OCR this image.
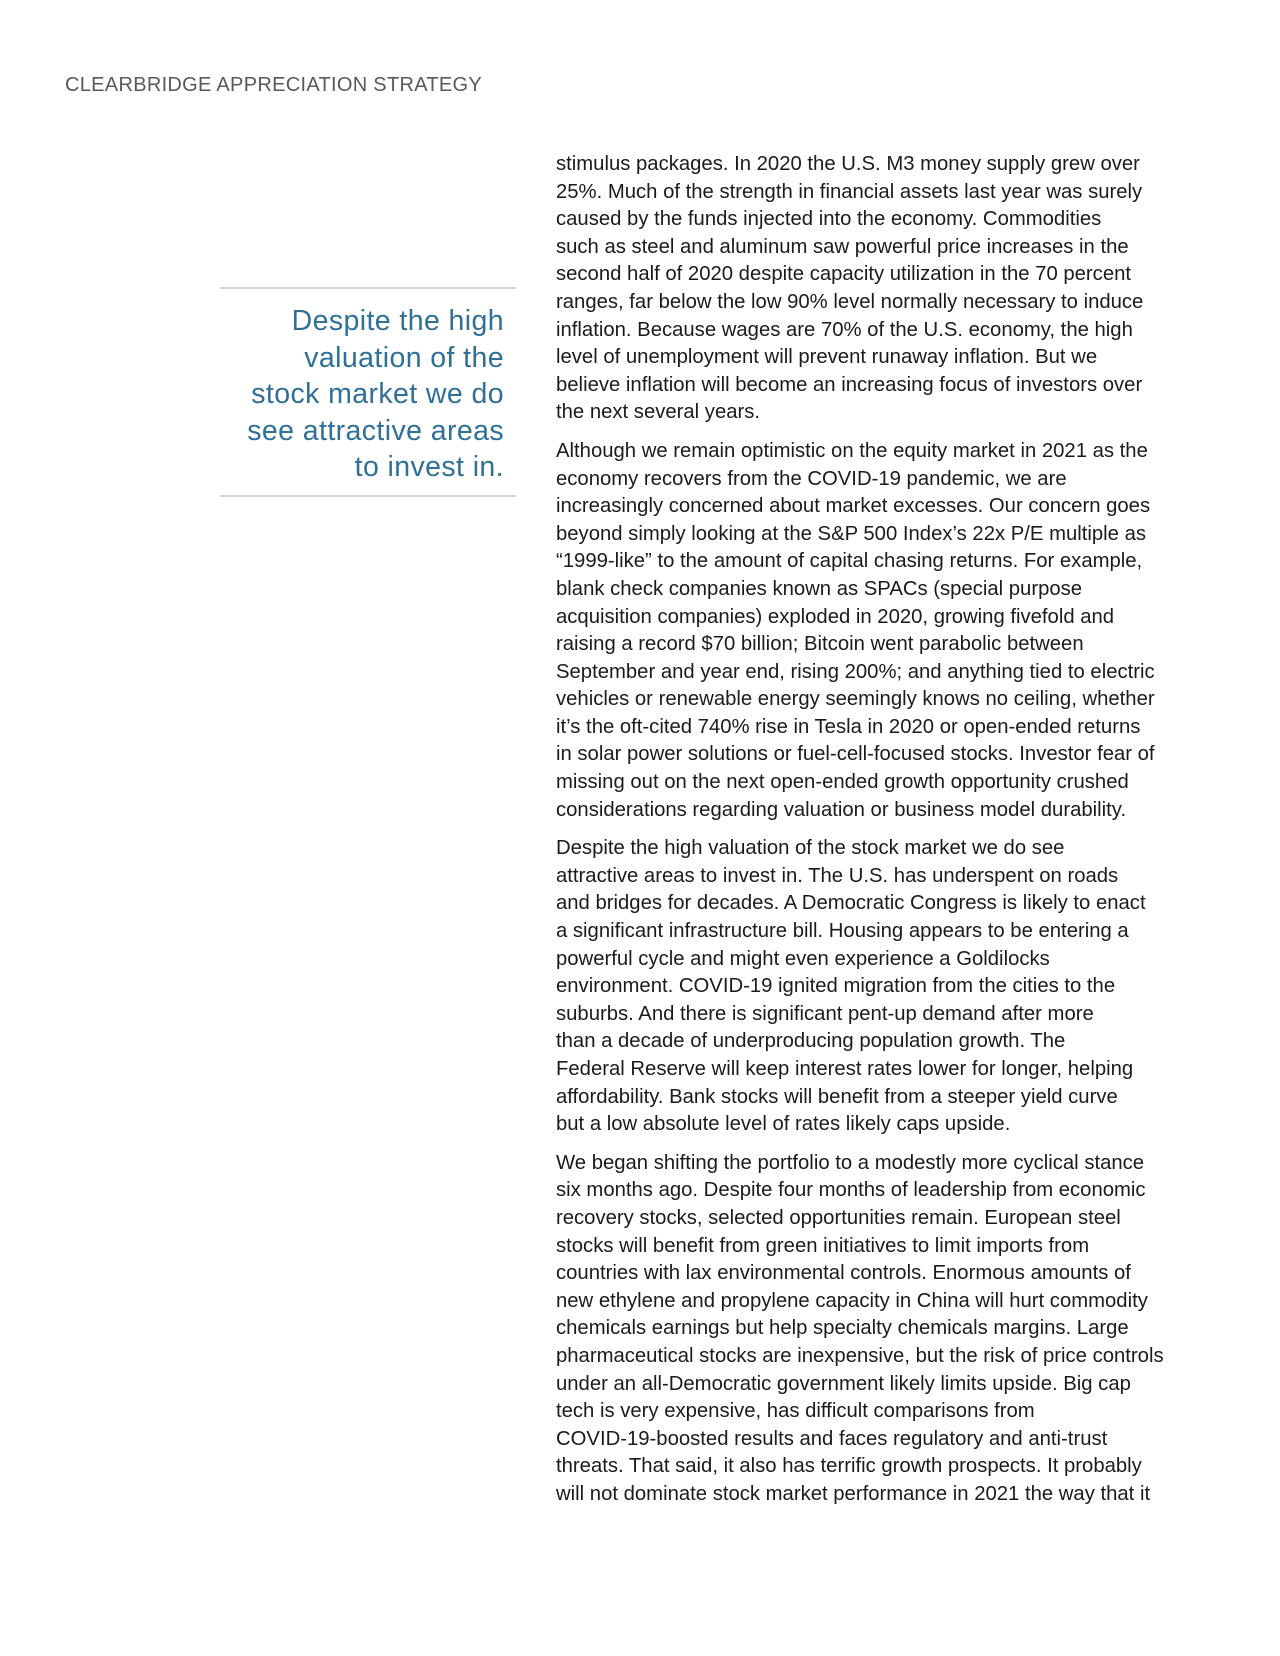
CLEARBRIDGE APPRECIATION STRATEGY
Despite the high valuation of the stock market we do see attractive areas to invest in.

stimulus packages. In 2020 the U.S. M3 money supply grew over
25%. Much of the strength in financial assets last year was surely
caused by the funds injected into the economy. Commodities
such as steel and aluminum saw powerful price increases in the
second half of 2020 despite capacity utilization in the 70 percent
ranges, far below the low 90% level normally necessary to induce
inflation. Because wages are 70% of the U.S. economy, the high
level of unemployment will prevent runaway inflation. But we
believe inflation will become an increasing focus of investors over
the next several years.

Although we remain optimistic on the equity market in 2021 as the
economy recovers from the COVID-19 pandemic, we are
increasingly concerned about market excesses. Our concern goes
beyond simply looking at the S&P 500 Index’s 22x P/E multiple as
“1999-like” to the amount of capital chasing returns. For example,
blank check companies known as SPACs (special purpose
acquisition companies) exploded in 2020, growing fivefold and
raising a record $70 billion; Bitcoin went parabolic between
September and year end, rising 200%; and anything tied to electric
vehicles or renewable energy seemingly knows no ceiling, whether
it’s the oft-cited 740% rise in Tesla in 2020 or open-ended returns
in solar power solutions or fuel-cell-focused stocks. Investor fear of
missing out on the next open-ended growth opportunity crushed
considerations regarding valuation or business model durability.

Despite the high valuation of the stock market we do see
attractive areas to invest in. The U.S. has underspent on roads
and bridges for decades. A Democratic Congress is likely to enact
a significant infrastructure bill. Housing appears to be entering a
powerful cycle and might even experience a Goldilocks
environment. COVID-19 ignited migration from the cities to the
suburbs. And there is significant pent-up demand after more
than a decade of underproducing population growth. The
Federal Reserve will keep interest rates lower for longer, helping
affordability. Bank stocks will benefit from a steeper yield curve
but a low absolute level of rates likely caps upside.

We began shifting the portfolio to a modestly more cyclical stance
six months ago. Despite four months of leadership from economic
recovery stocks, selected opportunities remain. European steel
stocks will benefit from green initiatives to limit imports from
countries with lax environmental controls. Enormous amounts of
new ethylene and propylene capacity in China will hurt commodity
chemicals earnings but help specialty chemicals margins. Large
pharmaceutical stocks are inexpensive, but the risk of price controls
under an all-Democratic government likely limits upside. Big cap
tech is very expensive, has difficult comparisons from
COVID-19-boosted results and faces regulatory and anti-trust
threats. That said, it also has terrific growth prospects. It probably
will not dominate stock market performance in 2021 the way that it
